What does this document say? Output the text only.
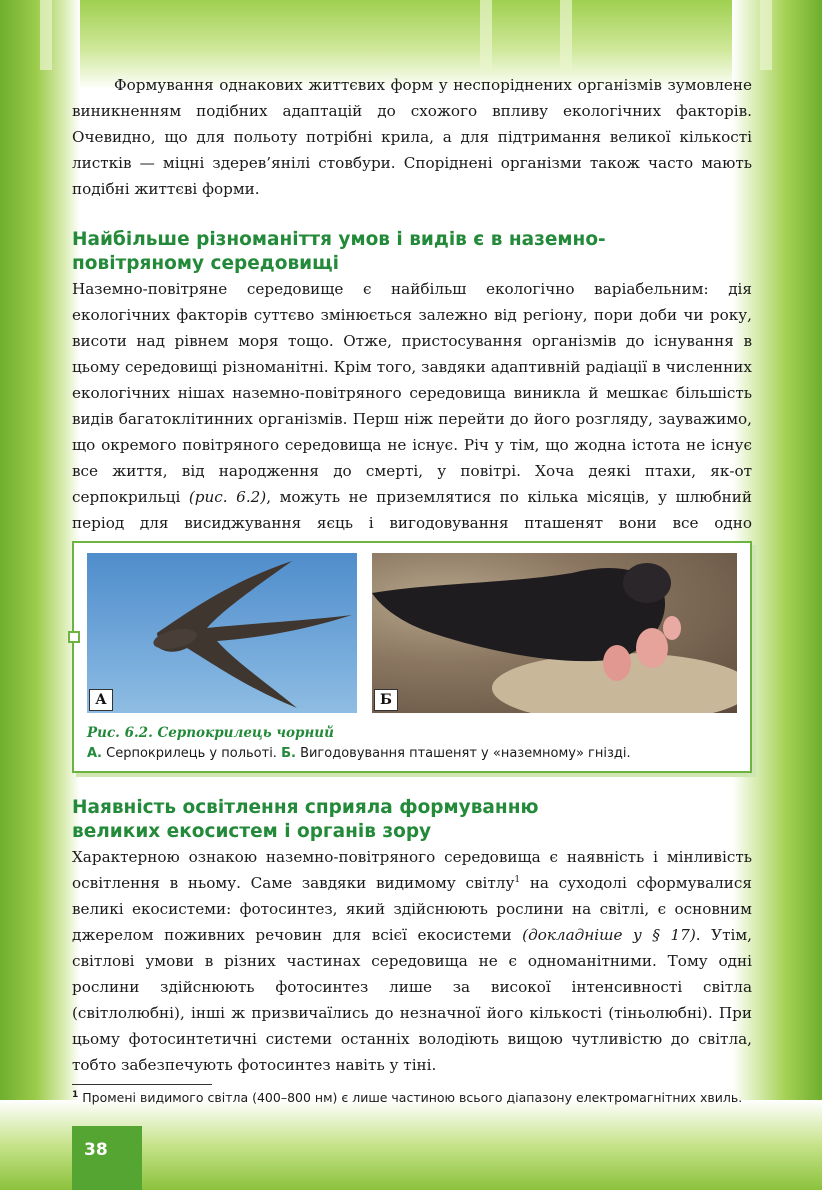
Формування однакових життєвих форм у неспоріднених організмів зумовлене виникненням подібних адаптацій до схожого впливу екологічних факторів. Очевидно, що для польоту потрібні крила, а для підтримання великої кількості листків — міцні здерев’янілі стовбури. Споріднені організми також часто мають подібні життєві форми.

Найбільше різноманіття умов і видів є в наземно-
повітряному середовищі

Наземно-повітряне середовище є найбільш екологічно варіабельним: дія екологічних факторів суттєво змінюється залежно від регіону, пори доби чи року, висоти над рівнем моря тощо. Отже, пристосування організмів до існування в цьому середовищі різноманітні. Крім того, завдяки адаптивній радіації в численних екологічних нішах наземно-повітряного середовища виникла й мешкає більшість видів багатоклітинних організмів. Перш ніж перейти до його розгляду, зауважимо, що окремого повітряного середовища не існує. Річ у тім, що жодна істота не існує все життя, від народження до смерті, у повітрі. Хоча деякі птахи, як-от серпокрильці (рис. 6.2), можуть не приземлятися по кілька місяців, у шлюбний період для висиджування яєць і вигодовування пташенят вони все одно

А	Б
Рис. 6.2. Серпокрилець чорний
А. Серпокрилець у польоті. Б. Вигодовування пташенят у «наземному» гнізді.

Наявність освітлення сприяла формуванню
великих екосистем і органів зору

Характерною ознакою наземно-повітряного середовища є наявність і мінливість освітлення в ньому. Саме завдяки видимому світлу$^1$ на суходолі сформувалися великі екосистеми: фотосинтез, який здійснюють рослини на світлі, є основним джерелом поживних речовин для всієї екосистеми (докладніше у § 17). Утім, світлові умови в різних частинах середовища не є одноманітними. Тому одні рослини здійснюють фотосинтез лише за високої інтенсивності світла (світлолюбні), інші ж призвичаїлись до незначної його кількості (тіньолюбні). При цьому фотосинтетичні системи останніх володіють вищою чутливістю до світла, тобто забезпечують фотосинтез навіть у тіні.

$^1$ Промені видимого світла (400–800 нм) є лише частиною всього діапазону електромагнітних хвиль.

38
